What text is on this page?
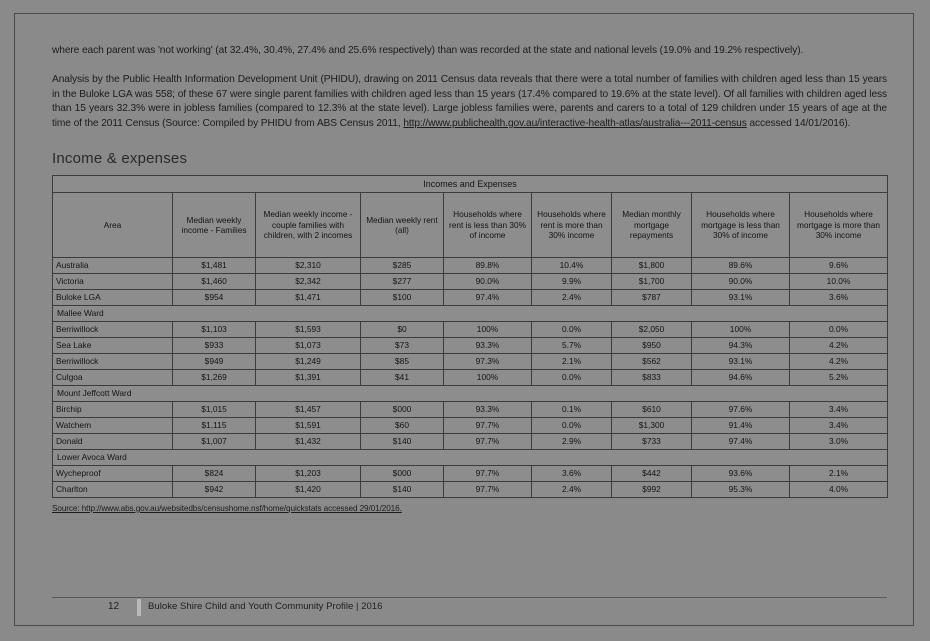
where each parent was 'not working' (at 32.4%, 30.4%, 27.4% and 25.6% respectively) than was recorded at the state and national levels (19.0% and 19.2% respectively).

Analysis by the Public Health Information Development Unit (PHIDU), drawing on 2011 Census data reveals that there were a total number of families with children aged less than 15 years in the Buloke LGA was 558; of these 67 were single parent families with children aged less than 15 years (17.4% compared to 19.6% at the state level). Of all families with children aged less than 15 years 32.3% were in jobless families (compared to 12.3% at the state level). Large jobless families were, parents and carers to a total of 129 children under 15 years of age at the time of the 2011 Census (Source: Compiled by PHIDU from ABS Census 2011, http://www.publichealth.gov.au/interactive-health-atlas/australia---2011-census accessed 14/01/2016).

Income & expenses
Incomes and Expenses								
Area	Median weekly income - Families	Median weekly income - couple families with children, with 2 incomes	Median weekly rent (all)	Households where rent is less than 30% of income	Households where rent is more than 30% income	Median monthly mortgage repayments	Households where mortgage is less than 30% of income	Households where mortgage is more than 30% income
Australia	$1,481	$2,310	$285	89.8%	10.4%	$1,800	89.6%	9.6%
Victoria	$1,460	$2,342	$277	90.0%	9.9%	$1,700	90.0%	10.0%
Buloke LGA	$954	$1,471	$100	97.4%	2.4%	$787	93.1%	3.6%
Mallee Ward								
Berriwillock	$1,103	$1,593	$0	100%	0.0%	$2,050	100%	0.0%
Sea Lake	$933	$1,073	$73	93.3%	5.7%	$950	94.3%	4.2%
Berriwillock	$949	$1,249	$85	97.3%	2.1%	$562	93.1%	4.2%
Culgoa	$1,269	$1,391	$41	100%	0.0%	$833	94.6%	5.2%
Mount Jeffcott Ward								
Birchip	$1,015	$1,457	$000	93.3%	0.1%	$610	97.6%	3.4%
Watchem	$1,115	$1,591	$60	97.7%	0.0%	$1,300	91.4%	3.4%
Donald	$1,007	$1,432	$140	97.7%	2.9%	$733	97.4%	3.0%
Lower Avoca Ward								
Wycheproof	$824	$1,203	$000	97.7%	3.6%	$442	93.6%	2.1%
Charlton	$942	$1,420	$140	97.7%	2.4%	$992	95.3%	4.0%
Source: http://www.abs.gov.au/websitedbs/censushome.nsf/home/quickstats accessed 29/01/2016.
12	Buloke Shire Child and Youth Community Profile | 2016
